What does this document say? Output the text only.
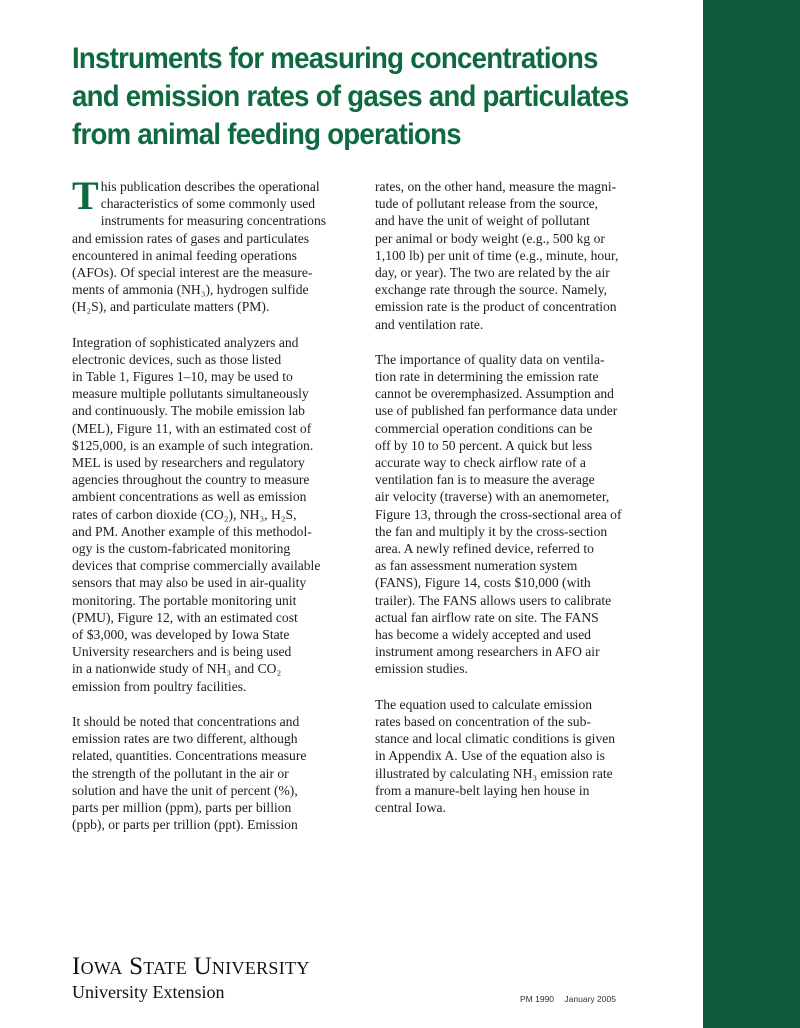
Instruments for measuring concentrations
and emission rates of gases and particulates
from animal feeding operations

T his publication describes the operational
characteristics of some commonly used
instruments for measuring concentrations
and emission rates of gases and particulates
encountered in animal feeding operations
(AFOs). Of special interest are the measure-
ments of ammonia (NH₃), hydrogen sulfide
(H₂S), and particulate matters (PM).

Integration of sophisticated analyzers and
electronic devices, such as those listed
in Table 1, Figures 1–10, may be used to
measure multiple pollutants simultaneously
and continuously. The mobile emission lab
(MEL), Figure 11, with an estimated cost of
$125,000, is an example of such integration.
MEL is used by researchers and regulatory
agencies throughout the country to measure
ambient concentrations as well as emission
rates of carbon dioxide (CO₂), NH₃, H₂S,
and PM. Another example of this methodol-
ogy is the custom-fabricated monitoring
devices that comprise commercially available
sensors that may also be used in air-quality
monitoring. The portable monitoring unit
(PMU), Figure 12, with an estimated cost
of $3,000, was developed by Iowa State
University researchers and is being used
in a nationwide study of NH₃ and CO₂
emission from poultry facilities.

It should be noted that concentrations and
emission rates are two different, although
related, quantities. Concentrations measure
the strength of the pollutant in the air or
solution and have the unit of percent (%),
parts per million (ppm), parts per billion
(ppb), or parts per trillion (ppt). Emission

rates, on the other hand, measure the magni-
tude of pollutant release from the source,
and have the unit of weight of pollutant
per animal or body weight (e.g., 500 kg or
1,100 lb) per unit of time (e.g., minute, hour,
day, or year). The two are related by the air
exchange rate through the source. Namely,
emission rate is the product of concentration
and ventilation rate.

The importance of quality data on ventila-
tion rate in determining the emission rate
cannot be overemphasized. Assumption and
use of published fan performance data under
commercial operation conditions can be
off by 10 to 50 percent. A quick but less
accurate way to check airflow rate of a
ventilation fan is to measure the average
air velocity (traverse) with an anemometer,
Figure 13, through the cross-sectional area of
the fan and multiply it by the cross-section
area. A newly refined device, referred to
as fan assessment numeration system
(FANS), Figure 14, costs $10,000 (with
trailer). The FANS allows users to calibrate
actual fan airflow rate on site. The FANS
has become a widely accepted and used
instrument among researchers in AFO air
emission studies.

The equation used to calculate emission
rates based on concentration of the sub-
stance and local climatic conditions is given
in Appendix A. Use of the equation also is
illustrated by calculating NH₃ emission rate
from a manure-belt laying hen house in
central Iowa.

Iowa State University

University Extension	PM 1990 January 2005
